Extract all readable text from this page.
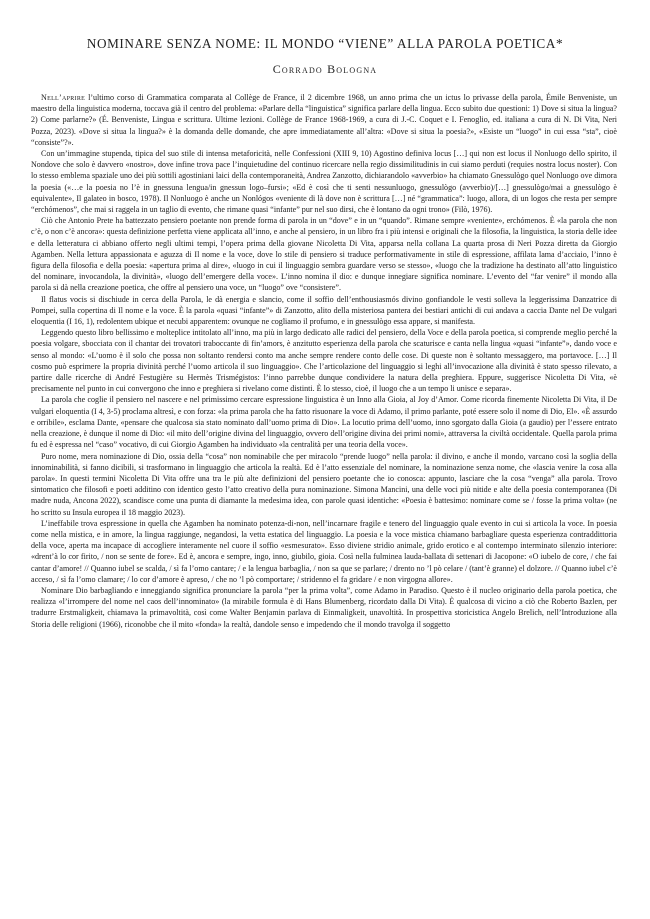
NOMINARE SENZA NOME: IL MONDO “VIENE” ALLA PAROLA POETICA*
Corrado Bologna

Nell’aprire l’ultimo corso di Grammatica comparata al Collège de France, il 2 dicembre 1968, un anno prima che un ictus lo privasse della parola, Émile Benveniste, un maestro della linguistica moderna, toccava già il centro del problema: «Parlare della “linguistica” significa parlare della lingua. Ecco subito due questioni: 1) Dove si situa la lingua? 2) Come parlarne?» (É. Benveniste, Lingua e scrittura. Ultime lezioni. Collège de France 1968-1969, a cura di J.-C. Coquet e I. Fenoglio, ed. italiana a cura di N. Di Vita, Neri Pozza, 2023). «Dove si situa la lingua?» è la domanda delle domande, che apre immediatamente all’altra: «Dove si situa la poesia?», «Esiste un “luogo” in cui essa “sta”, cioè “consiste”?».

Con un’immagine stupenda, tipica del suo stile di intensa metaforicità, nelle Confessioni (XIII 9, 10) Agostino definiva locus […] qui non est locus il Nonluogo dello spirito, il Nondove che solo è davvero «nostro», dove infine trova pace l’inquietudine del continuo ricercare nella regio dissimilitudinis in cui siamo perduti (requies nostra locus noster). Con lo stesso emblema spaziale uno dei più sottili agostiniani laici della contemporaneità, Andrea Zanzotto, dichiarandolo «avverbio» ha chiamato Gnessulògo quel Nonluogo ove dimora la poesia («…e la poesia no l’è in gnessuna lengua/in gnessun logo–fursi»; «Ed è così che ti senti nessunluogo, gnessulògo (avverbio)/[…] gnessulògo/mai a gnessulògo è equivalente», Il galateo in bosco, 1978). Il Nonluogo è anche un Nonlógos «veniente di là dove non è scrittura […] né “grammatica”: luogo, allora, di un logos che resta per sempre “erchómenos”, che mai si raggela in un taglio di evento, che rimane quasi “infante” pur nel suo dirsi, che è lontano da ogni trono» (Filò, 1976).

Ciò che Antonio Prete ha battezzato pensiero poetante non prende forma di parola in un “dove” e in un “quando”. Rimane sempre «veniente», erchómenos. È «la parola che non c’è, o non c’è ancora»: questa definizione perfetta viene applicata all’inno, e anche al pensiero, in un libro fra i più intensi e originali che la filosofia, la linguistica, la storia delle idee e della letteratura ci abbiano offerto negli ultimi tempi, l’opera prima della giovane Nicoletta Di Vita, apparsa nella collana La quarta prosa di Neri Pozza diretta da Giorgio Agamben. Nella lettura appassionata e aguzza di Il nome e la voce, dove lo stile di pensiero si traduce performativamente in stile di espressione, affilata lama d’acciaio, l’inno è figura della filosofia e della poesia: «apertura prima al dire», «luogo in cui il linguaggio sembra guardare verso se stesso», «luogo che la tradizione ha destinato all’atto linguistico del nominare, invocandola, la divinità», «luogo dell’emergere della voce». L’inno nomina il dio: e dunque innegiare significa nominare. L’evento del “far venire” il mondo alla parola si dà nella creazione poetica, che offre al pensiero una voce, un “luogo” ove “consistere”.

Il flatus vocis si dischiude in cerca della Parola, le dà energia e slancio, come il soffio dell’enthousiasmós divino gonfiandole le vesti solleva la leggerissima Danzatrice di Pompei, sulla copertina di Il nome e la voce. È la parola «quasi “infante”» di Zanzotto, alito della misteriosa pantera dei bestiari antichi di cui andava a caccia Dante nel De vulgari eloquentia (I 16, 1), redolentem ubique et necubi apparentem: ovunque ne cogliamo il profumo, e in gnessulògo essa appare, si manifesta.

Leggendo questo libro bellissimo e molteplice intitolato all’inno, ma più in largo dedicato alle radici del pensiero, della Voce e della parola poetica, si comprende meglio perché la poesia volgare, sbocciata con il chantar dei trovatori traboccante di fin’amors, è anzitutto esperienza della parola che scaturisce e canta nella lingua «quasi “infante”», dando voce e senso al mondo: «L’uomo è il solo che possa non soltanto rendersi conto ma anche sempre rendere conto delle cose. Di queste non è soltanto messaggero, ma portavoce. […] Il cosmo può esprimere la propria divinità perché l’uomo articola il suo linguaggio». Che l’articolazione del linguaggio si leghi all’invocazione alla divinità è stato spesso rilevato, a partire dalle ricerche di André Festugière su Hermès Trismégistos: l’inno parrebbe dunque condividere la natura della preghiera. Eppure, suggerisce Nicoletta Di Vita, «è precisamente nel punto in cui convergono che inno e preghiera si rivelano come distinti. È lo stesso, cioè, il luogo che a un tempo li unisce e separa».

La parola che coglie il pensiero nel nascere e nel primissimo cercare espressione linguistica è un Inno alla Gioia, al Joy d’Amor. Come ricorda finemente Nicoletta Di Vita, il De vulgari eloquentia (I 4, 3-5) proclama altresì, e con forza: «la prima parola che ha fatto risuonare la voce di Adamo, il primo parlante, poté essere solo il nome di Dio, El». «È assurdo e orribile», esclama Dante, «pensare che qualcosa sia stato nominato dall’uomo prima di Dio». La locutio prima dell’uomo, inno sgorgato dalla Gioia (a gaudio) per l’essere entrato nella creazione, è dunque il nome di Dio: «il mito dell’origine divina del linguaggio, ovvero dell’origine divina dei primi nomi», attraversa la civiltà occidentale. Quella parola prima fu ed è espressa nel “caso” vocativo, di cui Giorgio Agamben ha individuato «la centralità per una teoria della voce».

Puro nome, mera nominazione di Dio, ossia della “cosa” non nominabile che per miracolo “prende luogo” nella parola: il divino, e anche il mondo, varcano così la soglia della innominabilità, si fanno dicibili, si trasformano in linguaggio che articola la realtà. Ed è l’atto essenziale del nominare, la nominazione senza nome, che «lascia venire la cosa alla parola». In questi termini Nicoletta Di Vita offre una tra le più alte definizioni del pensiero poetante che io conosca: appunto, lasciare che la cosa “venga” alla parola. Trovo sintomatico che filosofi e poeti additino con identico gesto l’atto creativo della pura nominazione. Simona Mancini, una delle voci più nitide e alte della poesia contemporanea (Di madre nuda, Ancona 2022), scandisce come una punta di diamante la medesima idea, con parole quasi identiche: «Poesia è battesimo: nominare come se / fosse la prima volta» (ne ho scritto su Insula europea il 18 maggio 2023).

L’ineffabile trova espressione in quella che Agamben ha nominato potenza-di-non, nell’incarnare fragile e tenero del linguaggio quale evento in cui si articola la voce. In poesia come nella mistica, e in amore, la lingua raggiunge, negandosi, la vetta estatica del linguaggio. La poesia e la voce mistica chiamano barbagliare questa esperienza contraddittoria della voce, aperta ma incapace di accogliere interamente nel cuore il soffio «esmesurato». Esso diviene stridio animale, grido erotico e al contempo interminato silenzio interiore: «drent’à lo cor firito, / non se sente de fore». Ed è, ancora e sempre, ingo, inno, giubilo, gioia. Così nella fulminea lauda-ballata di settenari di Jacopone: «O iubelo de core, / che fai cantar d’amore! // Quanno iubel se scalda, / sì fa l’omo cantare; / e la lengua barbaglia, / non sa que se parlare; / drento no ’l pò celare / (tant’è granne) el dolzore. // Quanno iubel c’è acceso, / sì fa l’omo clamare; / lo cor d’amore è apreso, / che no ’l pò comportare; / stridenno el fa gridare / e non virgogna allore».

Nominare Dio barbagliando e inneggiando significa pronunciare la parola “per la prima volta”, come Adamo in Paradiso. Questo è il nucleo originario della parola poetica, che realizza «l’irrompere del nome nel caos dell’innominato» (la mirabile formula è di Hans Blumenberg, ricordato dalla Di Vita). È qualcosa di vicino a ciò che Roberto Bazlen, per tradurre Erstmaligkeit, chiamava la primavoltità, così come Walter Benjamin parlava di Einmaligkeit, unavoltità. In prospettiva storicistica Angelo Brelich, nell’Introduzione alla Storia delle religioni (1966), riconobbe che il mito «fonda» la realtà, dandole senso e impedendo che il mondo travolga il soggetto
